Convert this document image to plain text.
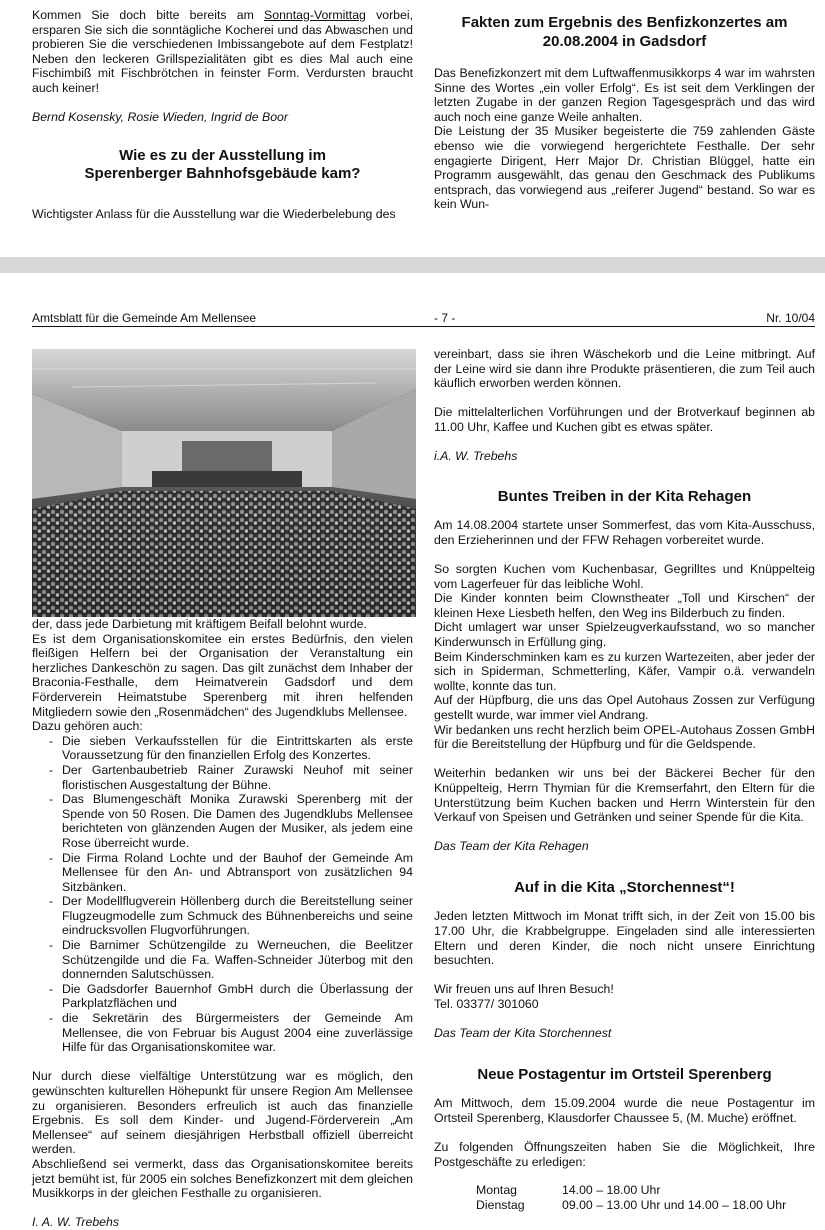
Kommen Sie doch bitte bereits am Sonntag-Vormittag vorbei, ersparen Sie sich die sonntägliche Kocherei und das Abwaschen und probieren Sie die verschiedenen Imbissangebote auf dem Festplatz! Neben den leckeren Grillspezialitäten gibt es dies Mal auch eine Fischimbiß mit Fischbrötchen in feinster Form. Verdursten braucht auch keiner!

Bernd Kosensky, Rosie Wieden, Ingrid de Boor

Wie es zu der Ausstellung im Sperenberger Bahnhofsgebäude kam?

Wichtigster Anlass für die Ausstellung war die Wiederbelebung des

Fakten zum Ergebnis des Benfizkonzertes am 20.08.2004 in Gadsdorf

Das Benefizkonzert mit dem Luftwaffenmusikkorps 4 war im wahrsten Sinne des Wortes „ein voller Erfolg“. Es ist seit dem Verklingen der letzten Zugabe in der ganzen Region Tagesgespräch und das wird auch noch eine ganze Weile anhalten.

Die Leistung der 35 Musiker begeisterte die 759 zahlenden Gäste ebenso wie die vorwiegend hergerichtete Festhalle. Der sehr engagierte Dirigent, Herr Major Dr. Christian Blüggel, hatte ein Programm ausgewählt, das genau den Geschmack des Publikums entsprach, das vorwiegend aus „reiferer Jugend“ bestand. So war es kein Wun-

Amtsblatt für die Gemeinde Am Mellensee	- 7 -	Nr. 10/04

der, dass jede Darbietung mit kräftigem Beifall belohnt wurde.

Es ist dem Organisationskomitee ein erstes Bedürfnis, den vielen fleißigen Helfern bei der Organisation der Veranstaltung ein herzliches Dankeschön zu sagen. Das gilt zunächst dem Inhaber der Braconia-Festhalle, dem Heimatverein Gadsdorf und dem Förderverein Heimatstube Sperenberg mit ihren helfenden Mitgliedern sowie den „Rosenmädchen“ des Jugendklubs Mellensee.

Dazu gehören auch:

- Die sieben Verkaufsstellen für die Eintrittskarten als erste Voraussetzung für den finanziellen Erfolg des Konzertes.
- Der Gartenbaubetrieb Rainer Zurawski Neuhof mit seiner floristischen Ausgestaltung der Bühne.
- Das Blumengeschäft Monika Zurawski Sperenberg mit der Spende von 50 Rosen. Die Damen des Jugendklubs Mellensee berichteten von glänzenden Augen der Musiker, als jedem eine Rose überreicht wurde.
- Die Firma Roland Lochte und der Bauhof der Gemeinde Am Mellensee für den An- und Abtransport von zusätzlichen 94 Sitzbänken.
- Der Modellflugverein Höllenberg durch die Bereitstellung seiner Flugzeugmodelle zum Schmuck des Bühnenbereichs und seine eindrucksvollen Flugvorführungen.
- Die Barnimer Schützengilde zu Werneuchen, die Beelitzer Schützengilde und die Fa. Waffen-Schneider Jüterbog mit den donnernden Salutschüssen.
- Die Gadsdorfer Bauernhof GmbH durch die Überlassung der Parkplatzflächen und
- die Sekretärin des Bürgermeisters der Gemeinde Am Mellensee, die von Februar bis August 2004 eine zuverlässige Hilfe für das Organisationskomitee war.

Nur durch diese vielfältige Unterstützung war es möglich, den gewünschten kulturellen Höhepunkt für unsere Region Am Mellensee zu organisieren. Besonders erfreulich ist auch das finanzielle Ergebnis. Es soll dem Kinder- und Jugend-Förderverein „Am Mellensee“ auf seinem diesjährigen Herbstball offiziell überreicht werden.

Abschließend sei vermerkt, dass das Organisationskomitee bereits jetzt bemüht ist, für 2005 ein solches Benefizkonzert mit dem gleichen Musikkorps in der gleichen Festhalle zu organisieren.

I. A. W. Trebehs

vereinbart, dass sie ihren Wäschekorb und die Leine mitbringt. Auf der Leine wird sie dann ihre Produkte präsentieren, die zum Teil auch käuflich erworben werden können.

Die mittelalterlichen Vorführungen und der Brotverkauf beginnen ab 11.00 Uhr, Kaffee und Kuchen gibt es etwas später.

i.A. W. Trebehs

Buntes Treiben in der Kita Rehagen

Am 14.08.2004 startete unser Sommerfest, das vom Kita-Ausschuss, den Erzieherinnen und der FFW Rehagen vorbereitet wurde.

So sorgten Kuchen vom Kuchenbasar, Gegrilltes und Knüppelteig vom Lagerfeuer für das leibliche Wohl.

Die Kinder konnten beim Clownstheater „Toll und Kirschen“ der kleinen Hexe Liesbeth helfen, den Weg ins Bilderbuch zu finden.

Dicht umlagert war unser Spielzeugverkaufsstand, wo so mancher Kinderwunsch in Erfüllung ging.

Beim Kinderschminken kam es zu kurzen Wartezeiten, aber jeder der sich in Spiderman, Schmetterling, Käfer, Vampir o.ä. verwandeln wollte, konnte das tun.

Auf der Hüpfburg, die uns das Opel Autohaus Zossen zur Verfügung gestellt wurde, war immer viel Andrang.

Wir bedanken uns recht herzlich beim OPEL-Autohaus Zossen GmbH für die Bereitstellung der Hüpfburg und für die Geldspende.

Weiterhin bedanken wir uns bei der Bäckerei Becher für den Knüppelteig, Herrn Thymian für die Kremserfahrt, den Eltern für die Unterstützung beim Kuchen backen und Herrn Winterstein für den Verkauf von Speisen und Getränken und seiner Spende für die Kita.

Das Team der Kita Rehagen

Auf in die Kita „Storchennest“!

Jeden letzten Mittwoch im Monat trifft sich, in der Zeit von 15.00 bis 17.00 Uhr, die Krabbelgruppe. Eingeladen sind alle interessierten Eltern und deren Kinder, die noch nicht unsere Einrichtung besuchten.

Wir freuen uns auf Ihren Besuch!

Tel. 03377/ 301060

Das Team der Kita Storchennest

Neue Postagentur im Ortsteil Sperenberg

Am Mittwoch, dem 15.09.2004 wurde die neue Postagentur im Ortsteil Sperenberg, Klausdorfer Chaussee 5, (M. Muche) eröffnet.

Zu folgenden Öffnungszeiten haben Sie die Möglichkeit, Ihre Postgeschäfte zu erledigen:

Montag	14.00 – 18.00 Uhr
Dienstag	09.00 – 13.00 Uhr und 14.00 – 18.00 Uhr
